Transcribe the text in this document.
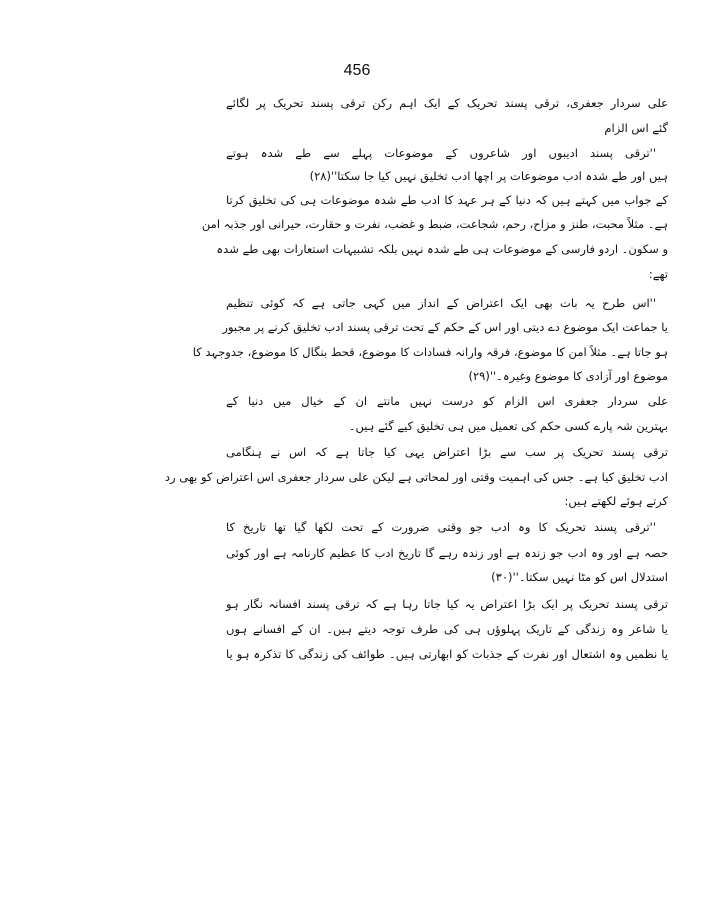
456
علی سردار جعفری، ترقی پسند تحریک کے ایک اہم رکن ترقی پسند تحریک پر لگائے
گئے اس الزام
''ترقی پسند ادیبوں اور شاعروں کے موضوعات پہلے سے طے شدہ ہوتے
ہیں اور طے شدہ ادب موضوعات پر اچھا ادب تخلیق نہیں کیا جا سکتا''(۲۸)
کے جواب میں کہتے ہیں کہ دنیا کے ہر عہد کا ادب طے شدہ موضوعات ہی کی تخلیق کرتا
ہے۔ مثلاً محبت، طنز و مزاح، رحم، شجاعت، ضبط و غضب، نفرت و حقارت، حیرانی اور جذبہ امن
و سکون۔ اردو فارسی کے موضوعات ہی طے شدہ نہیں بلکہ تشبیہات استعارات بھی طے شدہ
تھے:
''اس طرح یہ بات بھی ایک اعتراض کے انداز میں کہی جاتی ہے کہ کوئی تنظیم
یا جماعت ایک موضوع دے دیتی اور اس کے حکم کے تحت ترقی پسند ادب تخلیق کرنے پر مجبور
ہو جاتا ہے۔ مثلاً امن کا موضوع، فرقہ وارانہ فسادات کا موضوع، قحط بنگال کا موضوع، جدوجہد کا
موضوع اور آزادی کا موضوع وغیرہ۔''(۲۹)
علی سردار جعفری اس الزام کو درست نہیں مانتے ان کے خیال میں دنیا کے
بہترین شہ پارے کسی حکم کی تعمیل میں ہی تخلیق کیے گئے ہیں۔
ترقی پسند تحریک پر سب سے بڑا اعتراض یہی کیا جاتا ہے کہ اس نے ہنگامی
ادب تخلیق کیا ہے۔ جس کی اہمیت وقتی اور لمحاتی ہے لیکن علی سردار جعفری اس اعتراض کو بھی رد
کرتے ہوئے لکھتے ہیں:
''ترقی پسند تحریک کا وہ ادب جو وقتی ضرورت کے تحت لکھا گیا تھا تاریخ کا
حصہ ہے اور وہ ادب جو زندہ ہے اور زندہ رہے گا تاریخ ادب کا عظیم کارنامہ ہے اور کوئی
استدلال اس کو مٹا نہیں سکتا۔''(۳۰)
ترقی پسند تحریک پر ایک بڑا اعتراض یہ کیا جاتا رہا ہے کہ ترقی پسند افسانہ نگار ہو
یا شاعر وہ زندگی کے تاریک پہلوؤں ہی کی طرف توجہ دیتے ہیں۔ ان کے افسانے ہوں
یا نظمیں وہ اشتعال اور نفرت کے جذبات کو ابھارتی ہیں۔ طوائف کی زندگی کا تذکرہ ہو یا
